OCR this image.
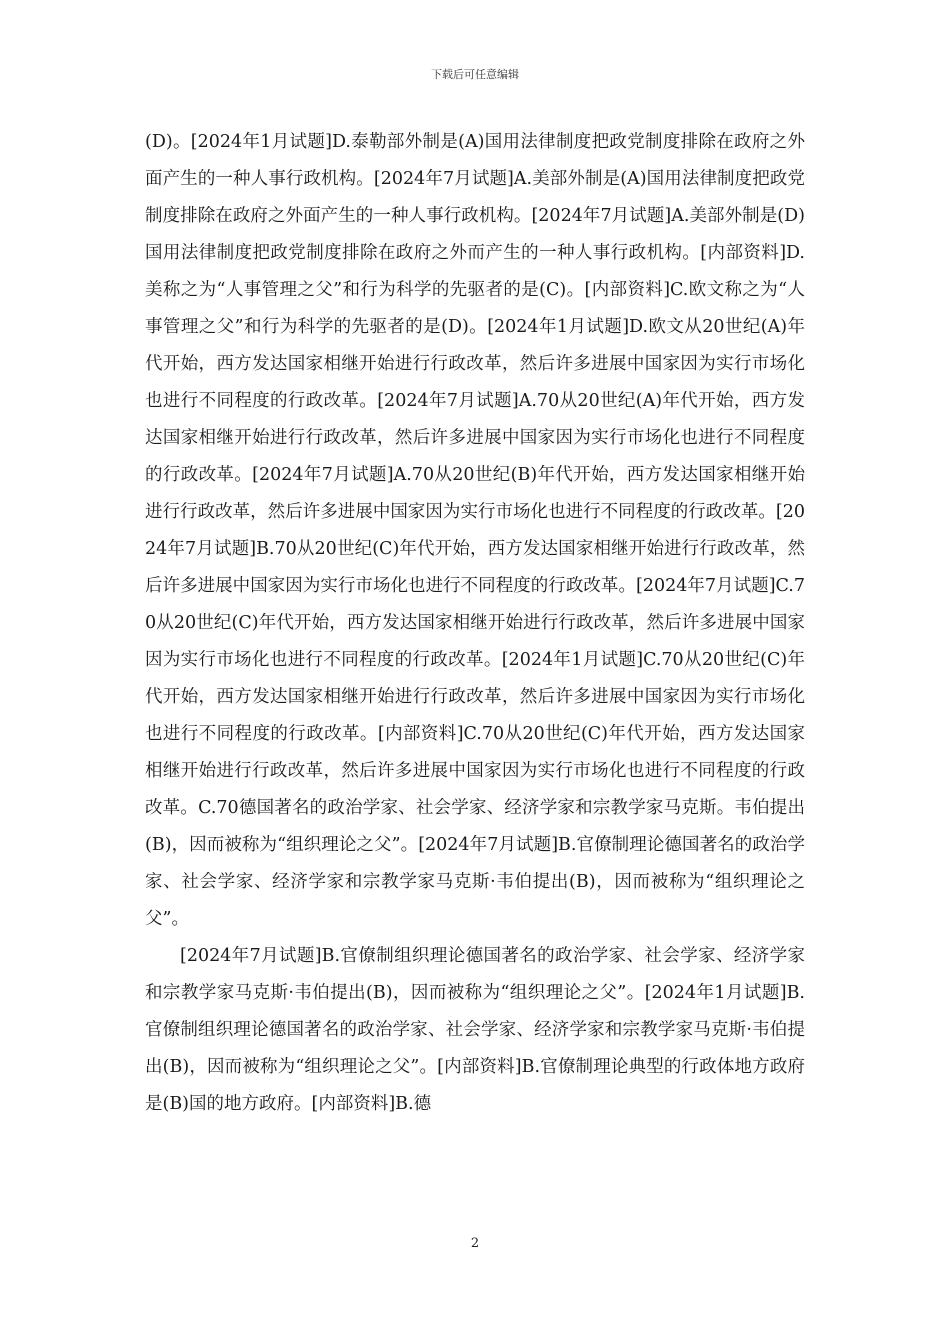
下载后可任意编辑

(D)。[2024年1月试题]D.泰勒部外制是(A)国用法律制度把政党制度排除在政府之外面产生的一种人事行政机构。[2024年7月试题]A.美部外制是(A)国用法律制度把政党制度排除在政府之外面产生的一种人事行政机构。[2024年7月试题]A.美部外制是(D)国用法律制度把政党制度排除在政府之外而产生的一种人事行政机构。[内部资料]D.美称之为“人事管理之父”和行为科学的先驱者的是(C)。[内部资料]C.欧文称之为“人事管理之父”和行为科学的先驱者的是(D)。[2024年1月试题]D.欧文从20世纪(A)年代开始，西方发达国家相继开始进行行政改革，然后许多进展中国家因为实行市场化也进行不同程度的行政改革。[2024年7月试题]A.70从20世纪(A)年代开始，西方发达国家相继开始进行行政改革，然后许多进展中国家因为实行市场化也进行不同程度的行政改革。[2024年7月试题]A.70从20世纪(B)年代开始，西方发达国家相继开始进行行政改革，然后许多进展中国家因为实行市场化也进行不同程度的行政改革。[2024年7月试题]B.70从20世纪(C)年代开始，西方发达国家相继开始进行行政改革，然后许多进展中国家因为实行市场化也进行不同程度的行政改革。[2024年7月试题]C.70从20世纪(C)年代开始，西方发达国家相继开始进行行政改革，然后许多进展中国家因为实行市场化也进行不同程度的行政改革。[2024年1月试题]C.70从20世纪(C)年代开始，西方发达国家相继开始进行行政改革，然后许多进展中国家因为实行市场化也进行不同程度的行政改革。[内部资料]C.70从20世纪(C)年代开始，西方发达国家相继开始进行行政改革，然后许多进展中国家因为实行市场化也进行不同程度的行政改革。C.70德国著名的政治学家、社会学家、经济学家和宗教学家马克斯。韦伯提出(B)，因而被称为“组织理论之父”。[2024年7月试题]B.官僚制理论德国著名的政治学家、社会学家、经济学家和宗教学家马克斯·韦伯提出(B)，因而被称为“组织理论之父”。

[2024年7月试题]B.官僚制组织理论德国著名的政治学家、社会学家、经济学家和宗教学家马克斯·韦伯提出(B)，因而被称为“组织理论之父”。[2024年1月试题]B.官僚制组织理论德国著名的政治学家、社会学家、经济学家和宗教学家马克斯·韦伯提出(B)，因而被称为“组织理论之父”。[内部资料]B.官僚制理论典型的行政体地方政府是(B)国的地方政府。[内部资料]B.德

2
